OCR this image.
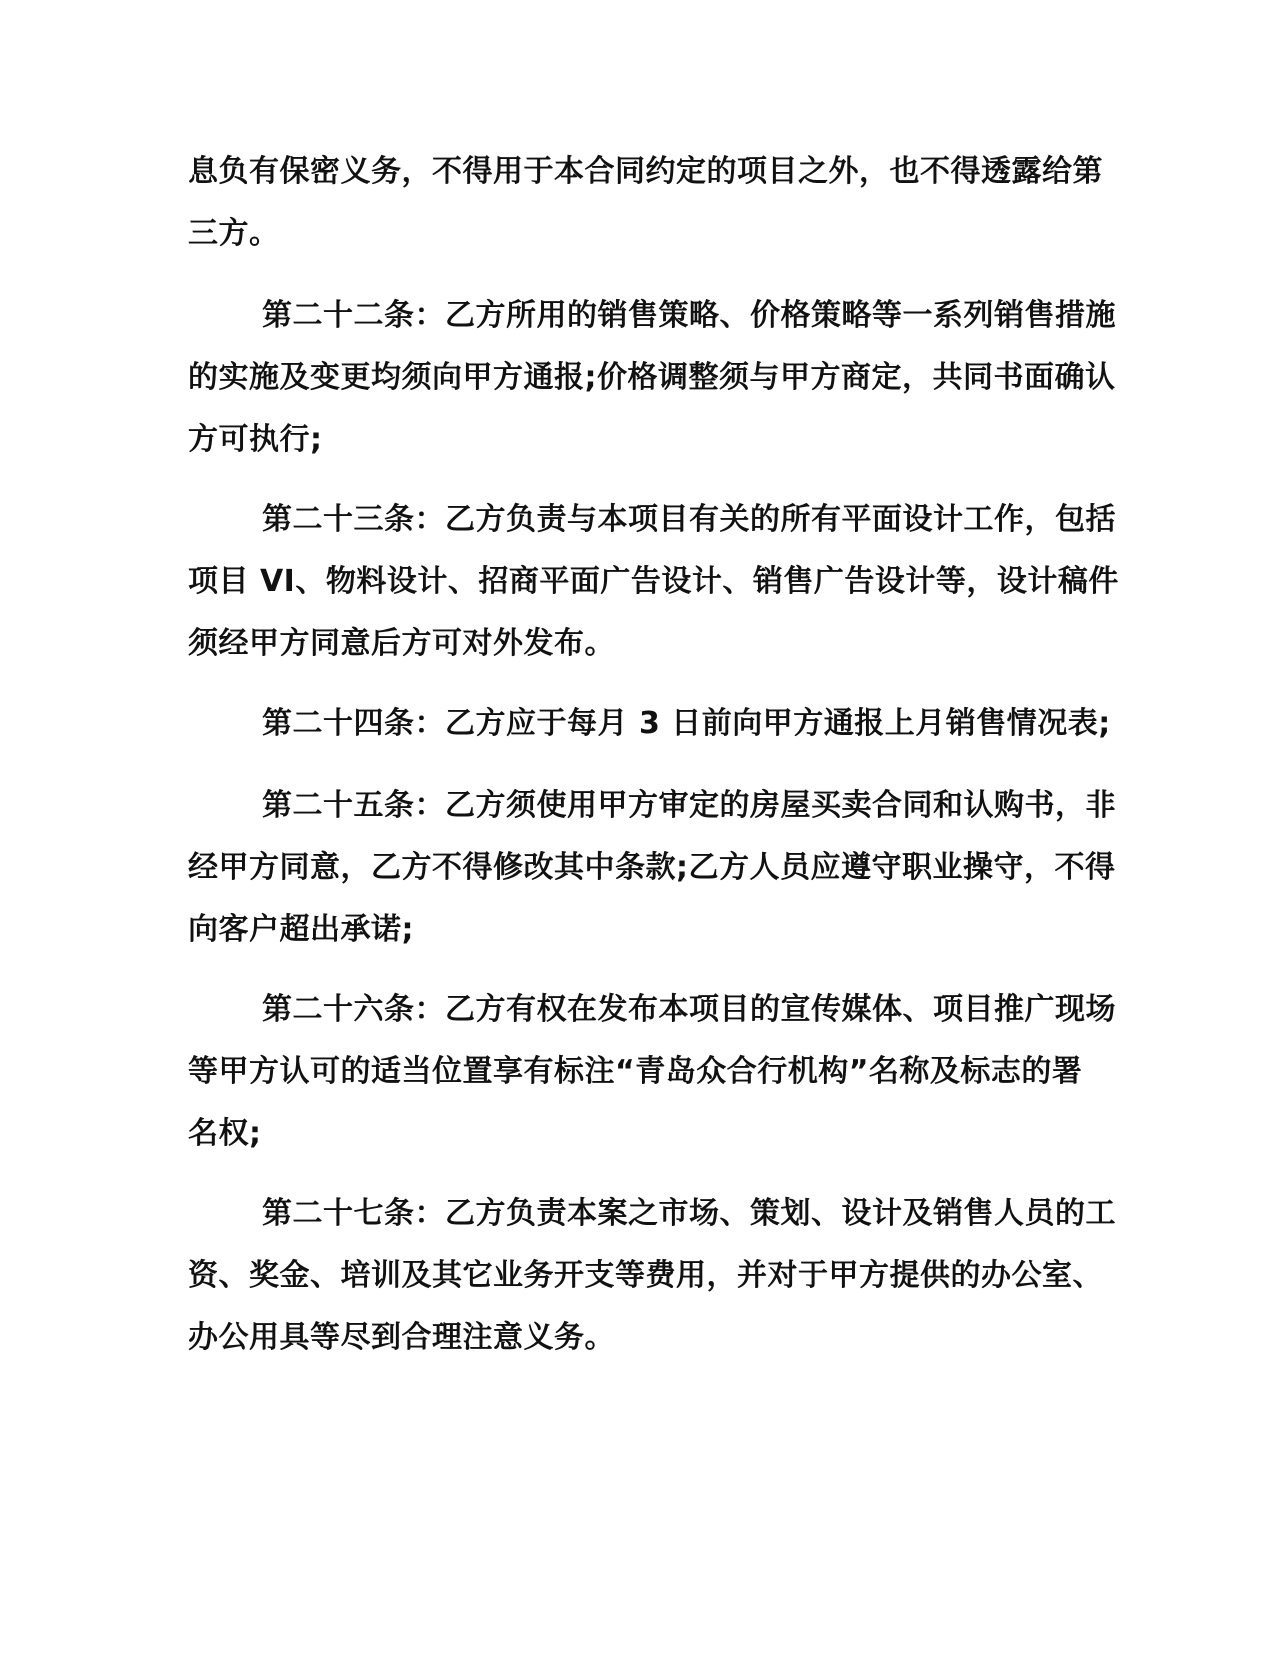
息负有保密义务，不得用于本合同约定的项目之外，也不得透露给第
三方。
第二十二条：乙方所用的销售策略、价格策略等一系列销售措施
的实施及变更均须向甲方通报;价格调整须与甲方商定，共同书面确认
方可执行;
第二十三条：乙方负责与本项目有关的所有平面设计工作，包括
项目 VI、物料设计、招商平面广告设计、销售广告设计等，设计稿件
须经甲方同意后方可对外发布。
第二十四条：乙方应于每月 3 日前向甲方通报上月销售情况表;
第二十五条：乙方须使用甲方审定的房屋买卖合同和认购书，非
经甲方同意，乙方不得修改其中条款;乙方人员应遵守职业操守，不得
向客户超出承诺;
第二十六条：乙方有权在发布本项目的宣传媒体、项目推广现场
等甲方认可的适当位置享有标注“青岛众合行机构”名称及标志的署
名权;
第二十七条：乙方负责本案之市场、策划、设计及销售人员的工
资、奖金、培训及其它业务开支等费用，并对于甲方提供的办公室、
办公用具等尽到合理注意义务。
